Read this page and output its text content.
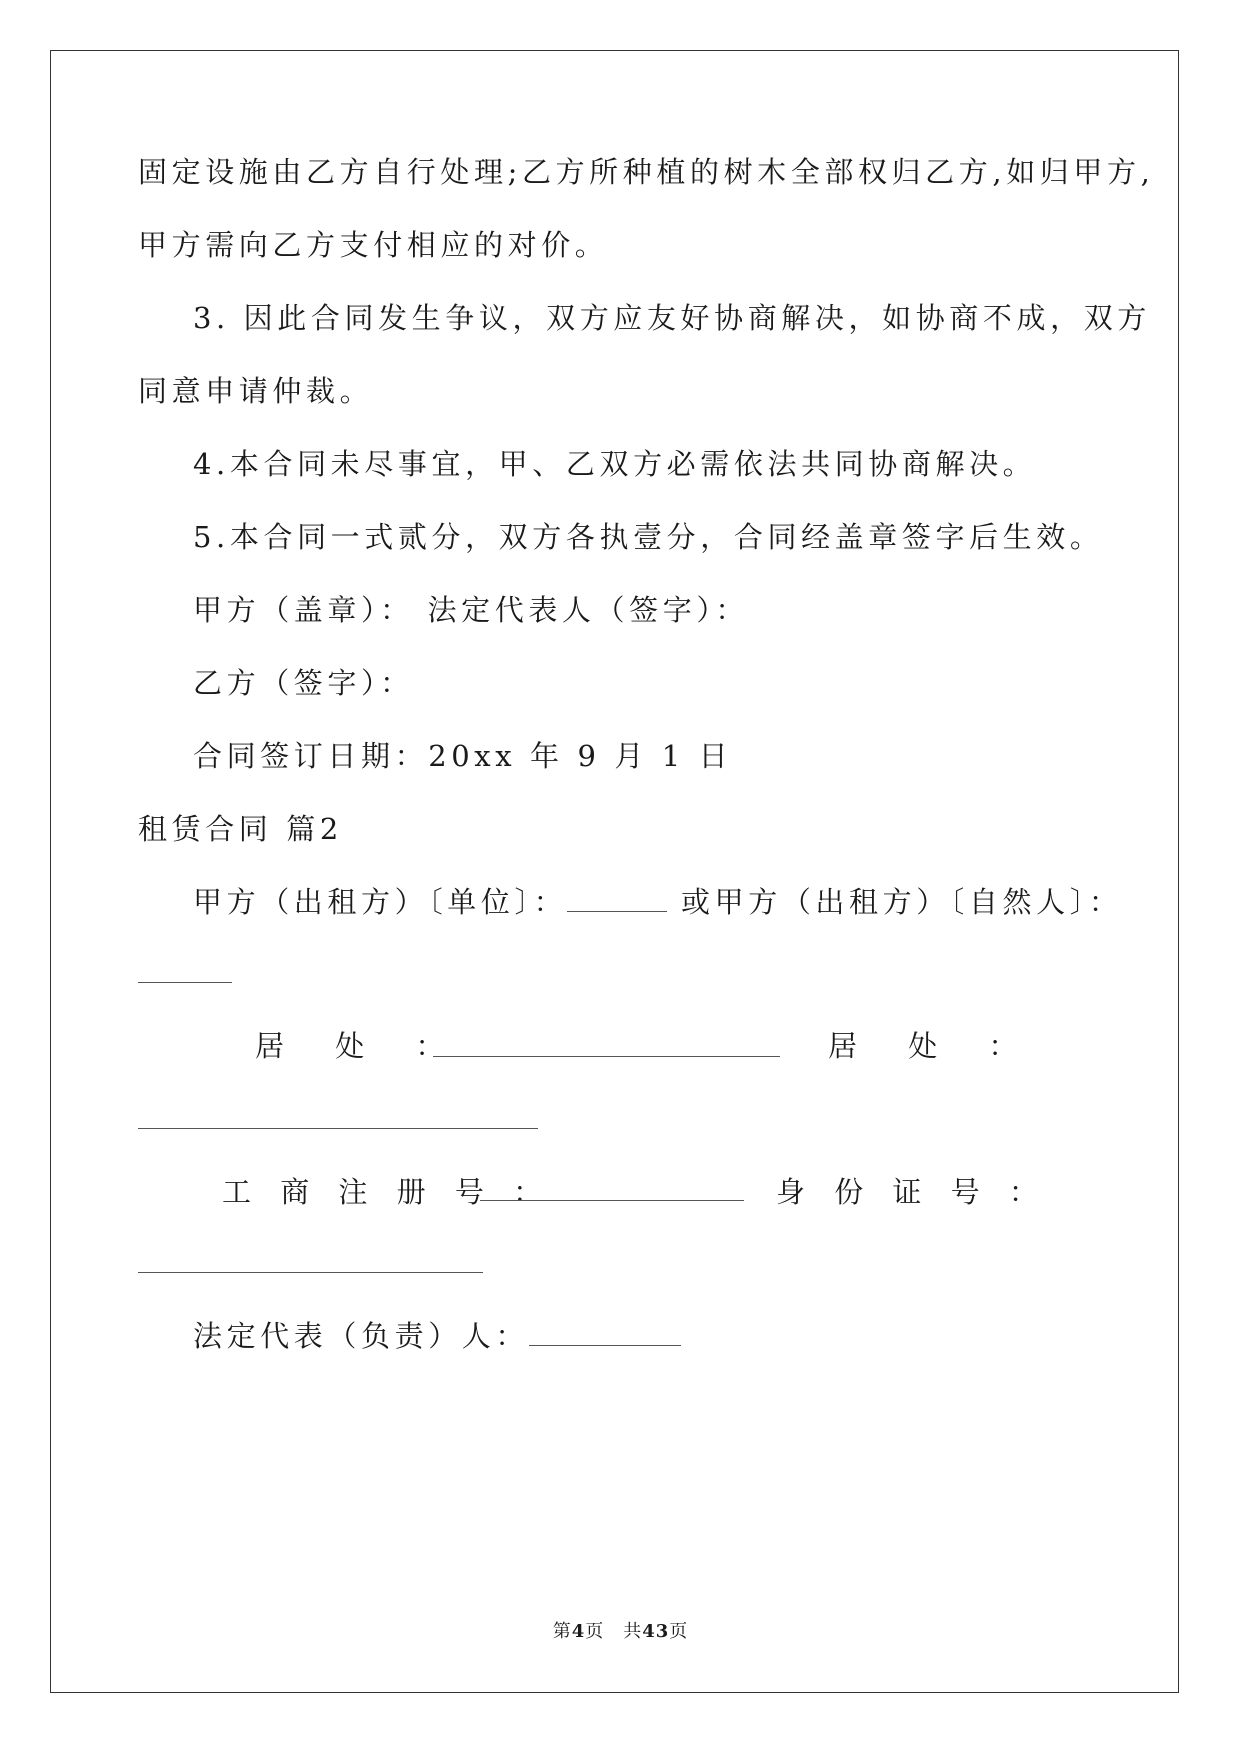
固定设施由乙方自行处理;乙方所种植的树木全部权归乙方,如归甲方,
甲方需向乙方支付相应的对价。
3. 因此合同发生争议，双方应友好协商解决，如协商不成，双方
同意申请仲裁。
4.本合同未尽事宜，甲、乙双方必需依法共同协商解决。
5.本合同一式贰分，双方各执壹分，合同经盖章签字后生效。
甲方（盖章）： 法定代表人（签字）：
乙方（签字）：
合同签订日期：20xx 年 9 月 1 日
租赁合同 篇2
甲方（出租方）〔单位〕：	或甲方（出租方）〔自然人〕：
居 处 ：	居 处 ：
工 商 注 册 号 ：	身 份 证 号 ：
法定代表（负责）人：
第4页　共43页
